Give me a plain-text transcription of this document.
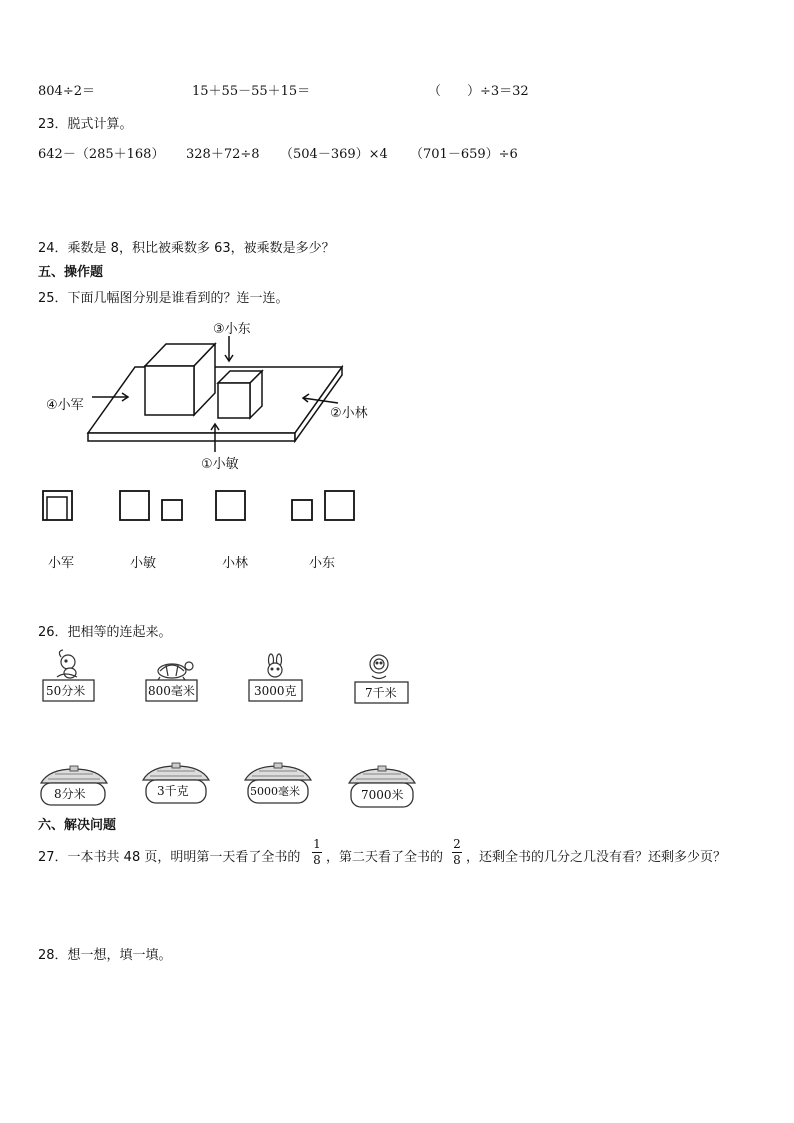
804÷2＝	15＋55－55＋15＝	（　　）÷3＝32
23．脱式计算。
642－（285＋168） 328＋72÷8 （504－369）×4 （701－659）÷6
24．乘数是 8，积比被乘数多 63，被乘数是多少？
五、操作题
25．下面几幅图分别是谁看到的？连一连。
③小东
④小军
②小林
①小敏
小军	小敏	小林	小东
26．把相等的连起来。
50分米	800毫米	3000克	7千米
8分米	3千克	5000毫米	7000米
六、解决问题
27．一本书共 48 页，明明第一天看了全书的
1
8 ，第二天看了全书的
2
8 ，还剩全书的几分之几没有看？还剩多少页？
28．想一想，填一填。
